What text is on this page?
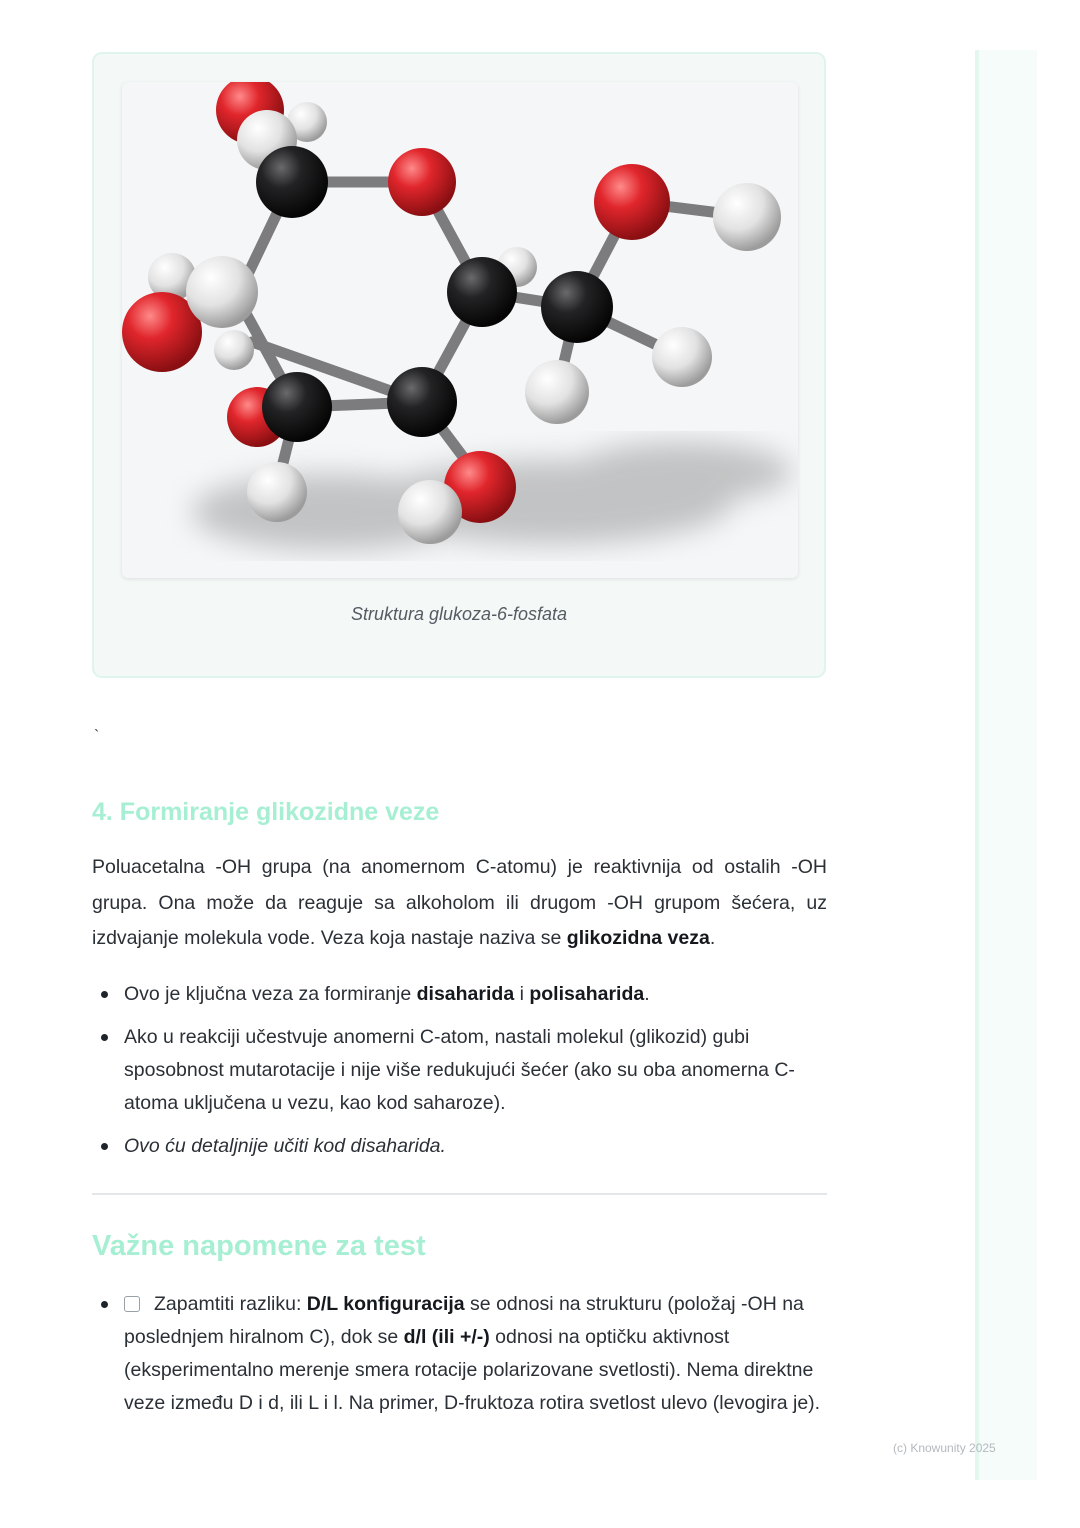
Struktura glukoza-6-fosfata
`
4. Formiranje glikozidne veze

Poluacetalna -OH grupa (na anomernom C-atomu) je reaktivnija od ostalih -OH grupa. Ona može da reaguje sa alkoholom ili drugom -OH grupom šećera, uz izdvajanje molekula vode. Veza koja nastaje naziva se glikozidna veza.

Ovo je ključna veza za formiranje disaharida i polisaharida.
Ako u reakciji učestvuje anomerni C-atom, nastali molekul (glikozid) gubi sposobnost mutarotacije i nije više redukujući šećer (ako su oba anomerna C-atoma uključena u vezu, kao kod saharoze).
Ovo ću detaljnije učiti kod disaharida.
Važne napomene za test
Zapamtiti razliku: D/L konfiguracija se odnosi na strukturu (položaj -OH na poslednjem hiralnom C), dok se d/l (ili +/-) odnosi na optičku aktivnost (eksperimentalno merenje smera rotacije polarizovane svetlosti). Nema direktne veze između D i d, ili L i l. Na primer, D-fruktoza rotira svetlost ulevo (levogira je).
(c) Knowunity 2025
